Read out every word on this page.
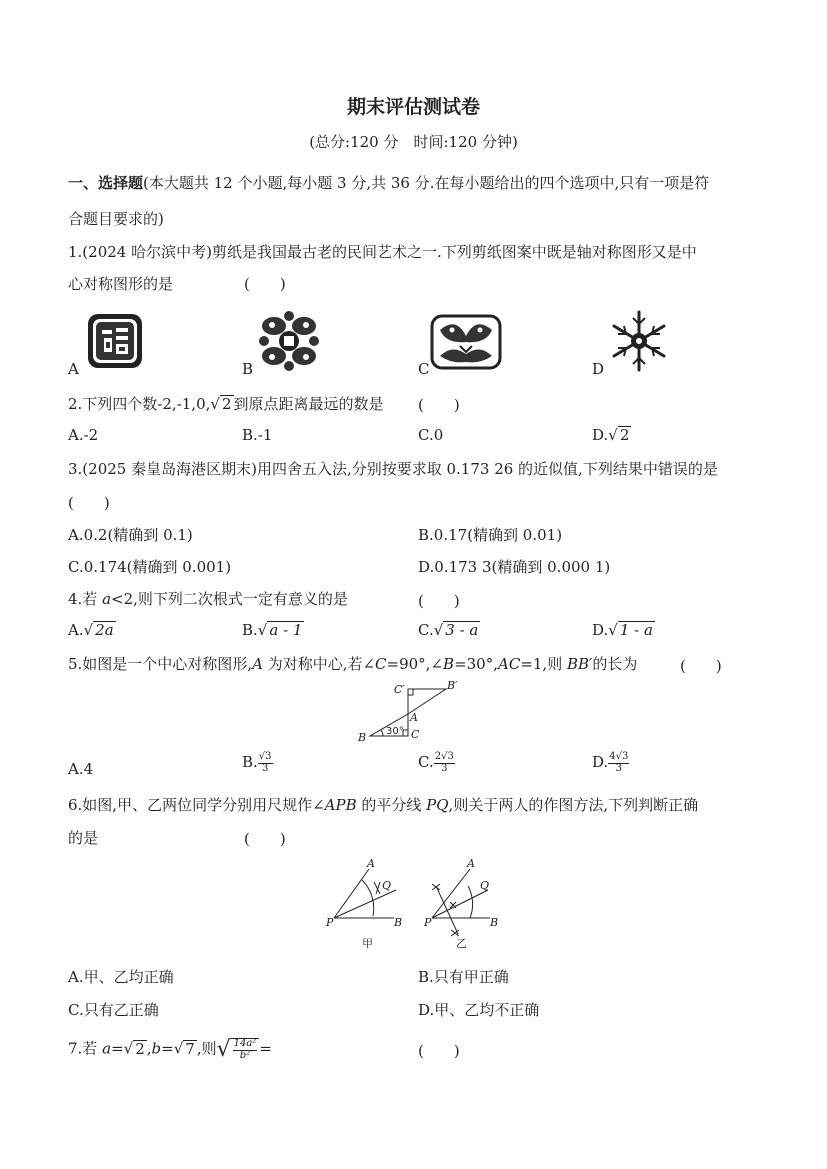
期末评估测试卷
(总分:120 分　时间:120 分钟)
一、选择题(本大题共 12 个小题,每小题 3 分,共 36 分.在每小题给出的四个选项中,只有一项是符
合题目要求的)
1.(2024 哈尔滨中考)剪纸是我国最古老的民间艺术之一.下列剪纸图案中既是轴对称图形又是中
心对称图形的是	(　　)
A	B	C	D
2.下列四个数-2,-1,0,√ 2 到原点距离最远的数是 (　　)
A.-2	B.-1	C.0	D.√ 2
3.(2025 秦皇岛海港区期末)用四舍五入法,分别按要求取 0.173 26 的近似值,下列结果中错误的是
(　　)
A.0.2(精确到 0.1)	B.0.17(精确到 0.01)
C.0.174(精确到 0.001)	D.0.173 3(精确到 0.000 1)
4.若 a<2,则下列二次根式一定有意义的是	(　　)
A.√ 2a	B.√ a - 1	C.√ 3 - a	D.√ 1 - a
5.如图是一个中心对称图形,A 为对称中心,若∠C=90°,∠B=30°,AC=1,则 BB′的长为	(　　)
C′	B′
A
B 30° C
A.4	B. $\frac{√3}{3}$	C. $\frac{2√3}{3}$	D. $\frac{4√3}{3}$
6.如图,甲、乙两位同学分别用尺规作∠APB 的平分线 PQ,则关于两人的作图方法,下列判断正确
的是	(　　)
A
Q
P	B
甲
A
Q
P	B
乙
A.甲、乙均正确	B.只有甲正确
C.只有乙正确	D.甲、乙均不正确
7.若 a=√ 2 ,b=√ 7 ,则√ $\frac{\text{14a²}}{\text{b²}}$ =	(　　)
